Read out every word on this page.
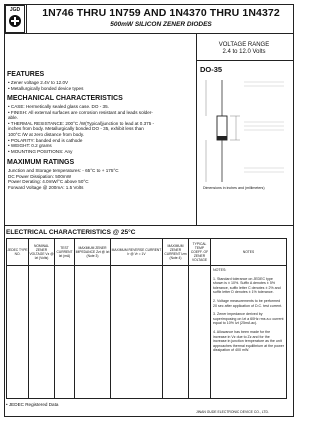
JGD	1N746 THRU 1N759 AND 1N4370 THRU 1N4372
500mW SILICON ZENER DIODES
VOLTAGE RANGE
2.4 to 12.0 Volts
DO-35
Dimensions in inches and (millimeters)
FEATURES
• Zener voltage 2.4V to 12.0V
• Metallurgically bonded device types
MECHANICAL CHARACTERISTICS
• CASE: Hermetically sealed glass case. DO - 35.
• FINISH: All external surfaces are corrosion resistant and leads solder-
able.
• THERMAL RESISTANCE: 200°C /W(Typical)junction to lead at 0.375 -
inches from body. Metallurgically bonded DO - 35, exhibit less than
100°C /W at zero distance from body.
• POLARITY: banded end is cathode
• WEIGHT: 0.2 grams
• MOUNTING POSITIONS: Any
MAXIMUM RATINGS
Junction and Storage temperatures: - 65°C to + 175°C
DC Power Dissipation: 500mW
Power Derating: 4.0mW/°C above 50°C
Forward Voltage @ 200mA: 1.5 Volts
ELECTRICAL CHARACTERISTICS @ 25°C
JEDEC TYPE NO.	NOMINAL ZENER VOLTAGE Vz @ Izt (Volts)	TEST CURRENT Izt (mA)	MAXIMUM ZENER IMPEDANCE Zzt @ Izt (Note 3)	MAXIMUM REVERSE CURRENT Ir @ Vr = 1V	MAXIMUM ZENER CURRENT Izm (Note 4)	TYPICAL TEMP COEFF. OF ZENER VOLTAGE	NOTES

							NOTES:
1. Standard tolerance on JEDEC type shown is ± 10%. Suffix A denotes ± 5% tolerance, suffix letter C denotes ± 2% and suffix letter D denotes ± 1% tolerance.
2. Voltage measurements to be performed 20 sec after application of D.C. test current.
3. Zener impedance derived by superimposing on Izt a 60Hz rms a.c current equal to 10% Izt (25mA ac).
4. Allowance has been made for the increase in Vz due to Zz and for the increase in junction temperature as the unit approaches thermal equilibrium at the power dissipation of 400 mW.
• JEDEC Registered Data
JINAN GUDE ELECTRONIC DEVICE CO., LTD.
